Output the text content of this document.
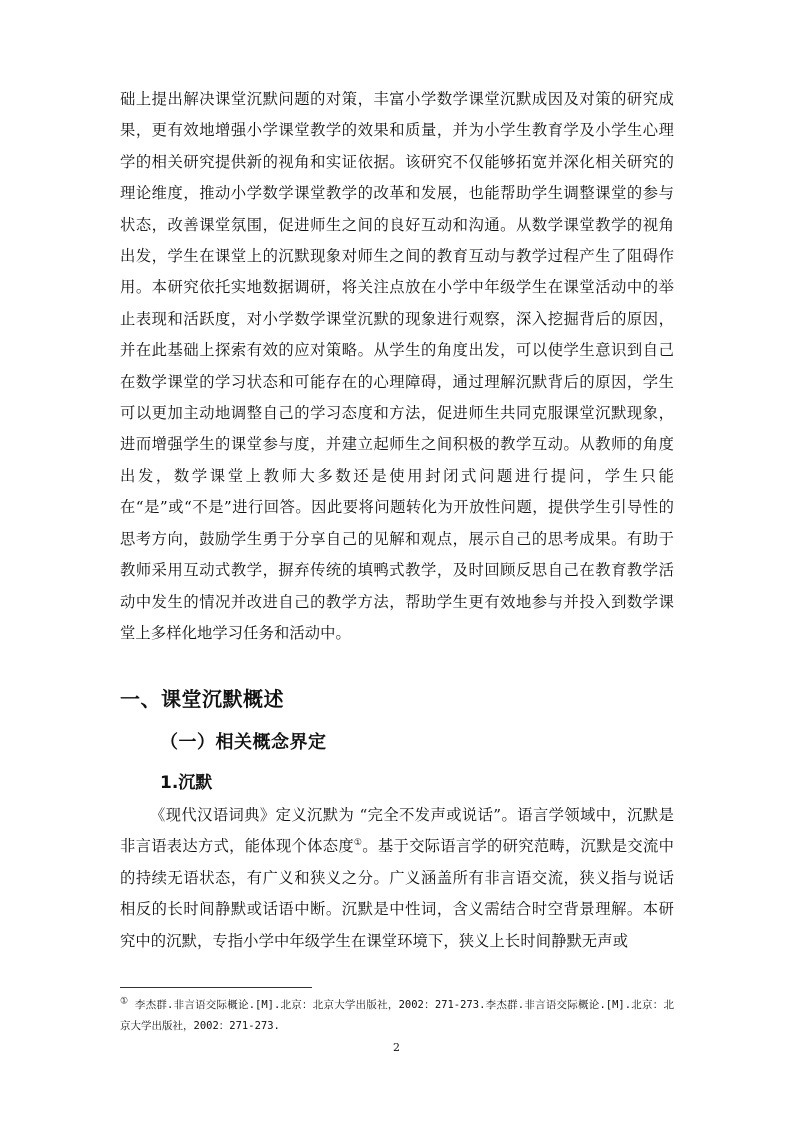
础上提出解决课堂沉默问题的对策，丰富小学数学课堂沉默成因及对策的研究成果，更有效地增强小学课堂教学的效果和质量，并为小学生教育学及小学生心理学的相关研究提供新的视角和实证依据。该研究不仅能够拓宽并深化相关研究的理论维度，推动小学数学课堂教学的改革和发展，也能帮助学生调整课堂的参与状态，改善课堂氛围，促进师生之间的良好互动和沟通。从数学课堂教学的视角出发，学生在课堂上的沉默现象对师生之间的教育互动与教学过程产生了阻碍作用。本研究依托实地数据调研，将关注点放在小学中年级学生在课堂活动中的举止表现和活跃度，对小学数学课堂沉默的现象进行观察，深入挖掘背后的原因，并在此基础上探索有效的应对策略。从学生的角度出发，可以使学生意识到自己在数学课堂的学习状态和可能存在的心理障碍，通过理解沉默背后的原因，学生可以更加主动地调整自己的学习态度和方法，促进师生共同克服课堂沉默现象，进而增强学生的课堂参与度，并建立起师生之间积极的教学互动。从教师的角度出发，数学课堂上教师大多数还是使用封闭式问题进行提问，学生只能在“是”或“不是”进行回答。因此要将问题转化为开放性问题，提供学生引导性的思考方向，鼓励学生勇于分享自己的见解和观点，展示自己的思考成果。有助于教师采用互动式教学，摒弃传统的填鸭式教学，及时回顾反思自己在教育教学活动中发生的情况并改进自己的教学方法，帮助学生更有效地参与并投入到数学课堂上多样化地学习任务和活动中。

一、课堂沉默概述
（一）相关概念界定
1.沉默

《现代汉语词典》定义沉默为 “完全不发声或说话”。语言学领域中，沉默是非言语表达方式，能体现个体态度①。基于交际语言学的研究范畴，沉默是交流中的持续无语状态，有广义和狭义之分。广义涵盖所有非言语交流，狭义指与说话相反的长时间静默或话语中断。沉默是中性词，含义需结合时空背景理解。本研究中的沉默，专指小学中年级学生在课堂环境下，狭义上长时间静默无声或

① 李杰群.非言语交际概论.[M].北京：北京大学出版社，2002：271-273.李杰群.非言语交际概论.[M].北京：北京大学出版社，2002：271-273.

2
